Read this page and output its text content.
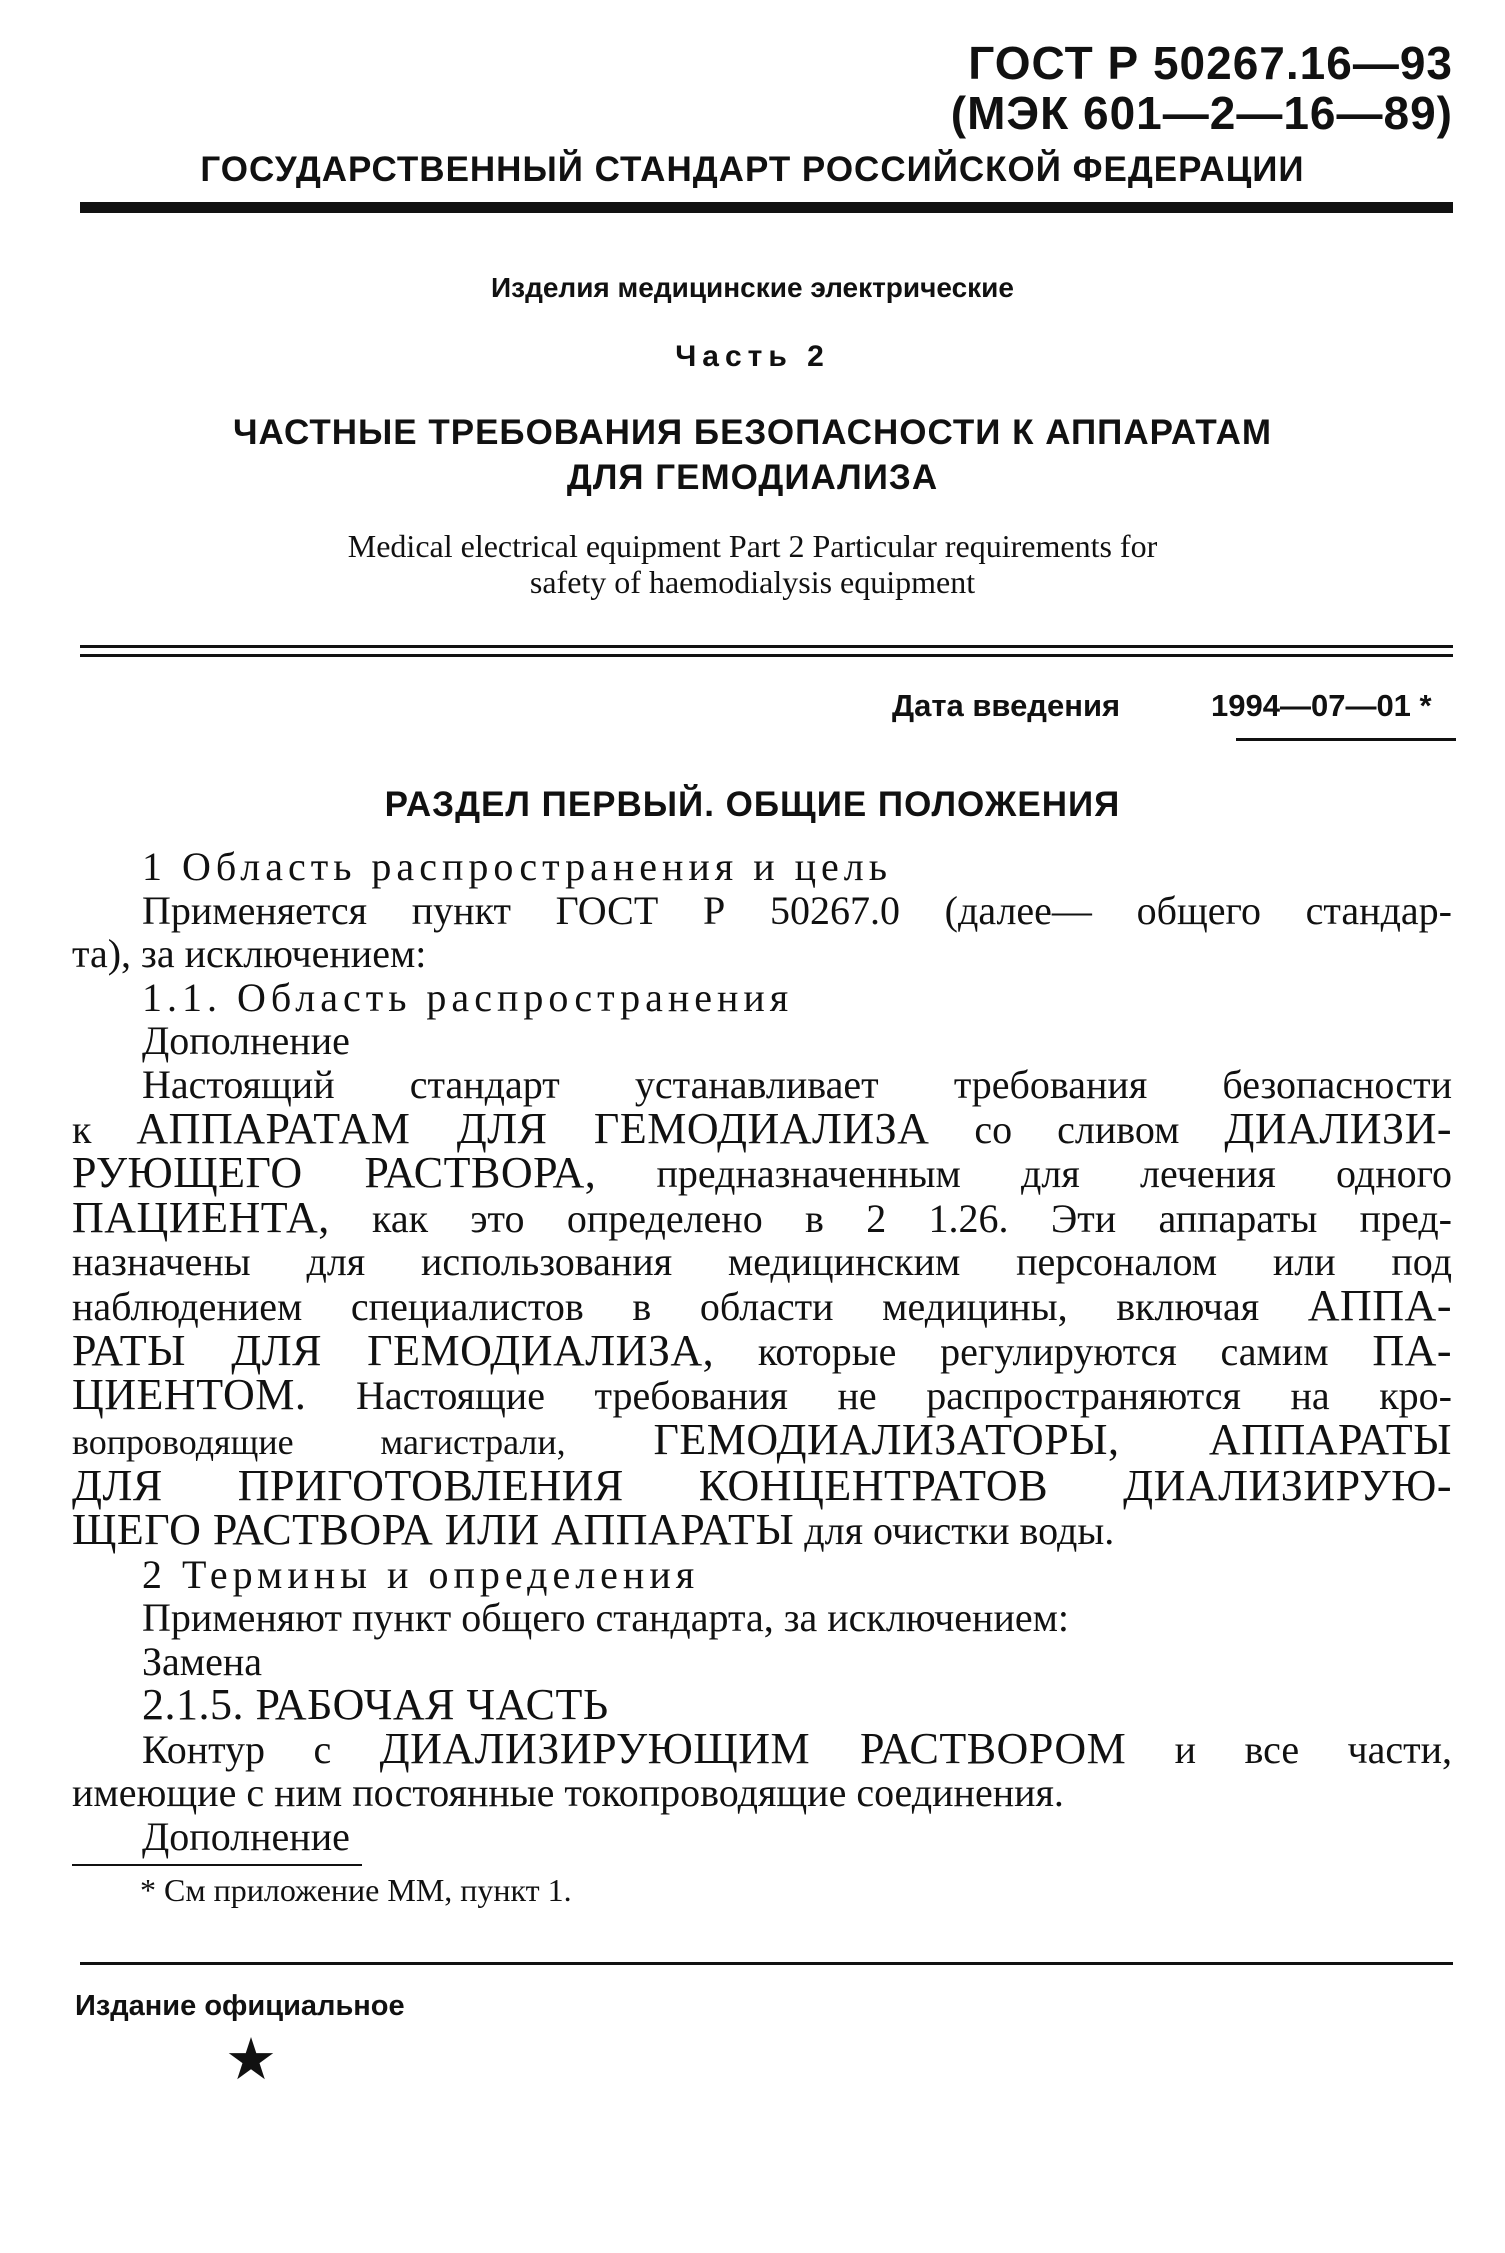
ГОСТ Р 50267.16—93
(МЭК 601—2—16—89)
ГОСУДАРСТВЕННЫЙ СТАНДАРТ РОССИЙСКОЙ ФЕДЕРАЦИИ
Изделия медицинские электрические
Часть 2
ЧАСТНЫЕ ТРЕБОВАНИЯ БЕЗОПАСНОСТИ К АППАРАТАМ
ДЛЯ ГЕМОДИАЛИЗА
Medical electrical equipment Part 2 Particular requirements for
safety of haemodialysis equipment
Дата введения	1994—07—01 *
РАЗДЕЛ ПЕРВЫЙ. ОБЩИЕ ПОЛОЖЕНИЯ
1 Область распространения и цель
Применяется пункт ГОСТ Р 50267.0 (далее— общего стандар-
та), за исключением:
1.1. Область распространения
Дополнение
Настоящий стандарт устанавливает требования безопасности
к АППАРАТАМ ДЛЯ ГЕМОДИАЛИЗА со сливом ДИАЛИЗИ-
РУЮЩЕГО РАСТВОРА, предназначенным для лечения одного
ПАЦИЕНТА, как это определено в 2 1.26. Эти аппараты пред-
назначены для использования медицинским персоналом или под
наблюдением специалистов в области медицины, включая АППА-
РАТЫ ДЛЯ ГЕМОДИАЛИЗА, которые регулируются самим ПА-
ЦИЕНТОМ. Настоящие требования не распространяются на кро-
вопроводящие магистрали, ГЕМОДИАЛИЗАТОРЫ, АППАРАТЫ
ДЛЯ ПРИГОТОВЛЕНИЯ КОНЦЕНТРАТОВ ДИАЛИЗИРУЮ-
ЩЕГО РАСТВОРА ИЛИ АППАРАТЫ для очистки воды.
2 Термины и определения
Применяют пункт общего стандарта, за исключением:
Замена
2.1.5. РАБОЧАЯ ЧАСТЬ
Контур с ДИАЛИЗИРУЮЩИМ РАСТВОРОМ и все части,
имеющие с ним постоянные токопроводящие соединения.
Дополнение
* См приложение ММ, пункт 1.
Издание официальное
★
